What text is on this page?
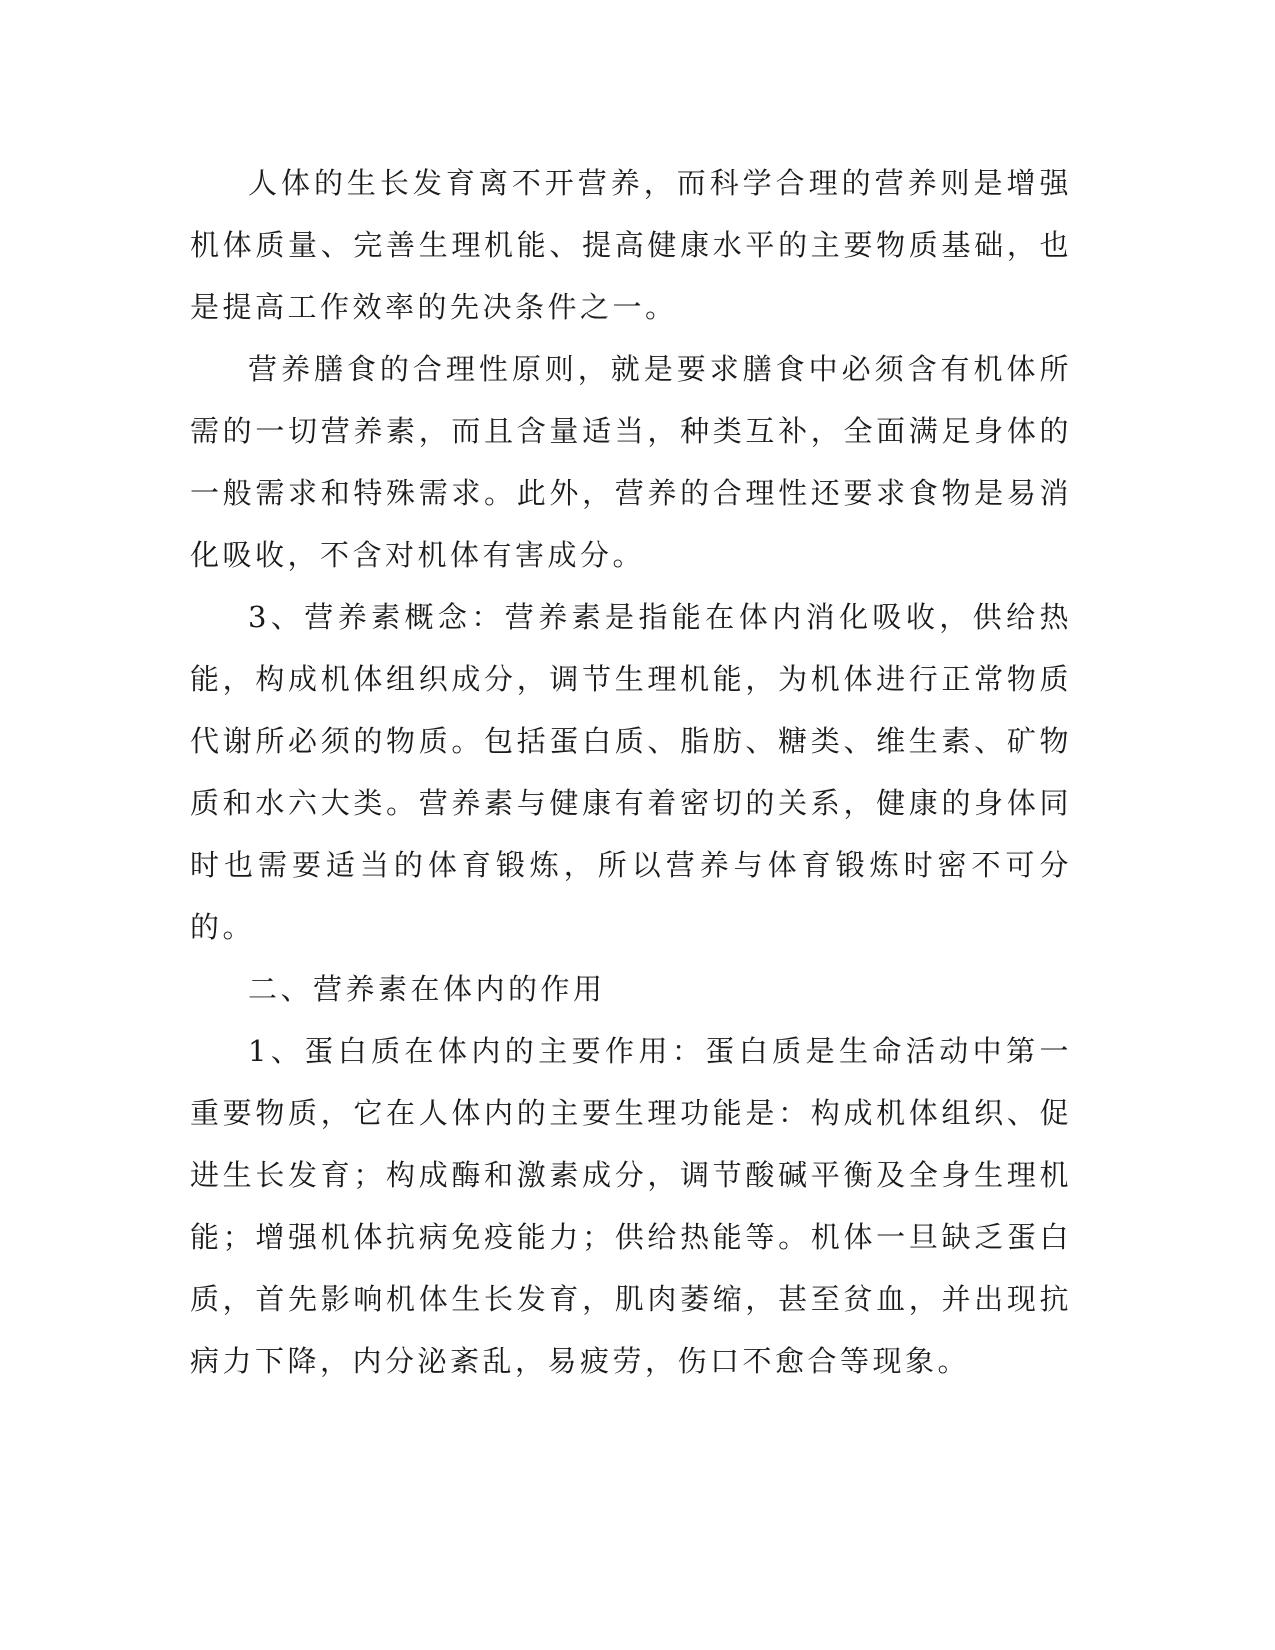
人体的生长发育离不开营养，而科学合理的营养则是增强机体质量、完善生理机能、提高健康水平的主要物质基础，也是提高工作效率的先决条件之一。

营养膳食的合理性原则，就是要求膳食中必须含有机体所需的一切营养素，而且含量适当，种类互补，全面满足身体的一般需求和特殊需求。此外，营养的合理性还要求食物是易消化吸收，不含对机体有害成分。

3、营养素概念：营养素是指能在体内消化吸收，供给热能，构成机体组织成分，调节生理机能，为机体进行正常物质代谢所必须的物质。包括蛋白质、脂肪、糖类、维生素、矿物质和水六大类。营养素与健康有着密切的关系，健康的身体同时也需要适当的体育锻炼，所以营养与体育锻炼时密不可分的。

二、营养素在体内的作用

1、蛋白质在体内的主要作用：蛋白质是生命活动中第一重要物质，它在人体内的主要生理功能是：构成机体组织、促进生长发育；构成酶和激素成分，调节酸碱平衡及全身生理机能；增强机体抗病免疫能力；供给热能等。机体一旦缺乏蛋白质，首先影响机体生长发育，肌肉萎缩，甚至贫血，并出现抗病力下降，内分泌紊乱，易疲劳，伤口不愈合等现象。
